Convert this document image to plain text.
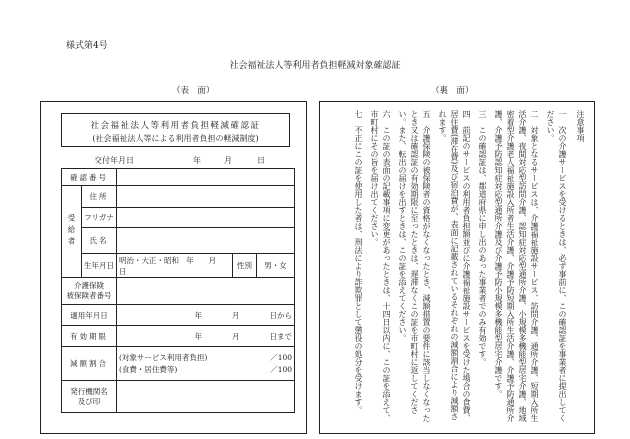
様式第4号
社会福祉法人等利用者負担軽減対象確認証
（表　面）	（裏　面）
社会福祉法人等利用者負担軽減確認証
(社会福祉法人等による利用者負担の軽減制度)
交付年月日	年	月	日
確認番号				
受給者	住所			
	フリガナ			
	氏名			
	生年月日	明治・大正・昭和 年　　月　　日	性別	男・女
介護保険
被保険者番号				
適用年月日		年　　　　月　　　　日から		
有効期限		年　　　　月　　　　日まで		
減額割合		(対象サービス利用者負担) ／100
(食費・居住費等) ／100		

発行機関名
及び印				

注意事項

一　次の介護サービスを受けるときは、必ず事前に、この確認証を事業者に提出してください。

二　対象となるサービスは、介護福祉施設サービス、訪問介護、通所介護、短期入所生活介護、夜間対応型訪問介護、認知症対応型通所介護、小規模多機能型居宅介護、地域密着型介護老人福祉施設入所者生活介護、介護予防短期入所生活介護、介護予防通所介護、介護予防認知症対応型通所介護及び介護予防小規模多機能型居宅介護です。

三　この確認証は、都道府県に申し出のあった事業者でのみ有効です。

四　前記のサービスの利用者負担額並びに介護福祉施設サービスを受けた場合の食費、居住費(滞在費)及び宿泊費が、表面に記載されているそれぞれの減額割合により減額されます。

五　介護保険の被保険者の資格がなくなったとき、減額措置の要件に該当しなくなったとき又は確認証の有効期限に至ったときは、遅滞なくこの証を市町村に返してください。また、転出の届けを出すときは、この証を添えてください。

六　この証の表面の記載事項に変更があったときは、十四日以内に、この証を添えて、市町村にその旨を届け出てください。

七　不正にこの証を使用した者は、刑法により詐欺罪として懲役の処分を受けます。
